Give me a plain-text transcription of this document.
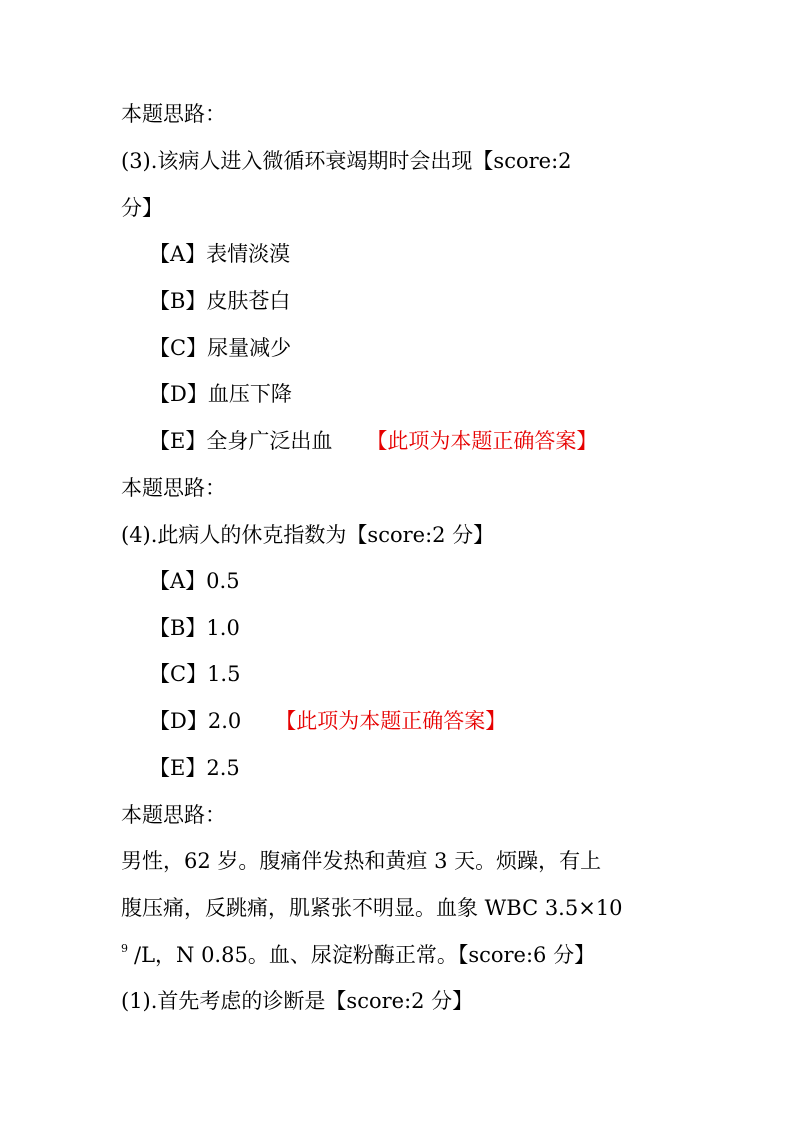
本题思路：
(3).该病人进入微循环衰竭期时会出现【score:2
分】
【A】表情淡漠
【B】皮肤苍白
【C】尿量减少
【D】血压下降
【E】全身广泛出血 【此项为本题正确答案】
本题思路：
(4).此病人的休克指数为【score:2 分】
【A】0.5
【B】1.0
【C】1.5
【D】2.0 【此项为本题正确答案】
【E】2.5
本题思路：
男性，62 岁。腹痛伴发热和黄疸 3 天。烦躁，有上
腹压痛，反跳痛，肌紧张不明显。血象 WBC 3.5×10
$^9$ /L，N 0.85。血、尿淀粉酶正常。【score:6 分】
(1).首先考虑的诊断是【score:2 分】
